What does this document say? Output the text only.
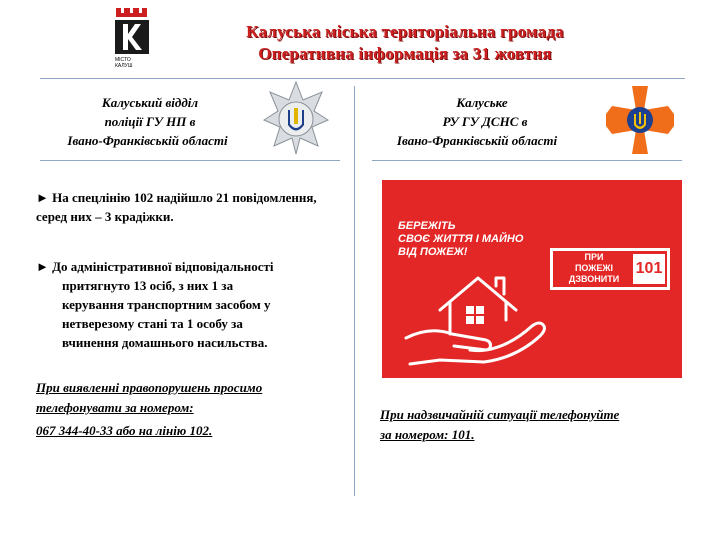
МІСТО
КАЛУШ
Калуська міська територіальна громада
Оперативна інформація за 31 жовтня
Калуський відділ
поліції ГУ НП в
Івано-Франківській області
Калуське
РУ ГУ ДСНС в
Івано-Франківській області
► На спецлінію 102 надійшло 21 повідомлення, серед них – 3 крадіжки.
► До адміністративної відповідальності
притягнуто 13 осіб, з них 1 за
керування транспортним засобом у
нетверезому стані та 1 особу за
вчинення домашнього насильства.
При виявленні правопорушень просимо
телефонувати за номером:
067 344-40-33 або на лінію 102.
БЕРЕЖІТЬ
СВОЄ ЖИТТЯ І МАЙНО
ВІД ПОЖЕЖ!	ПРИ
ПОЖЕЖІ
ДЗВОНИТИ
101
При надзвичайній ситуації телефонуйте
за номером: 101.
